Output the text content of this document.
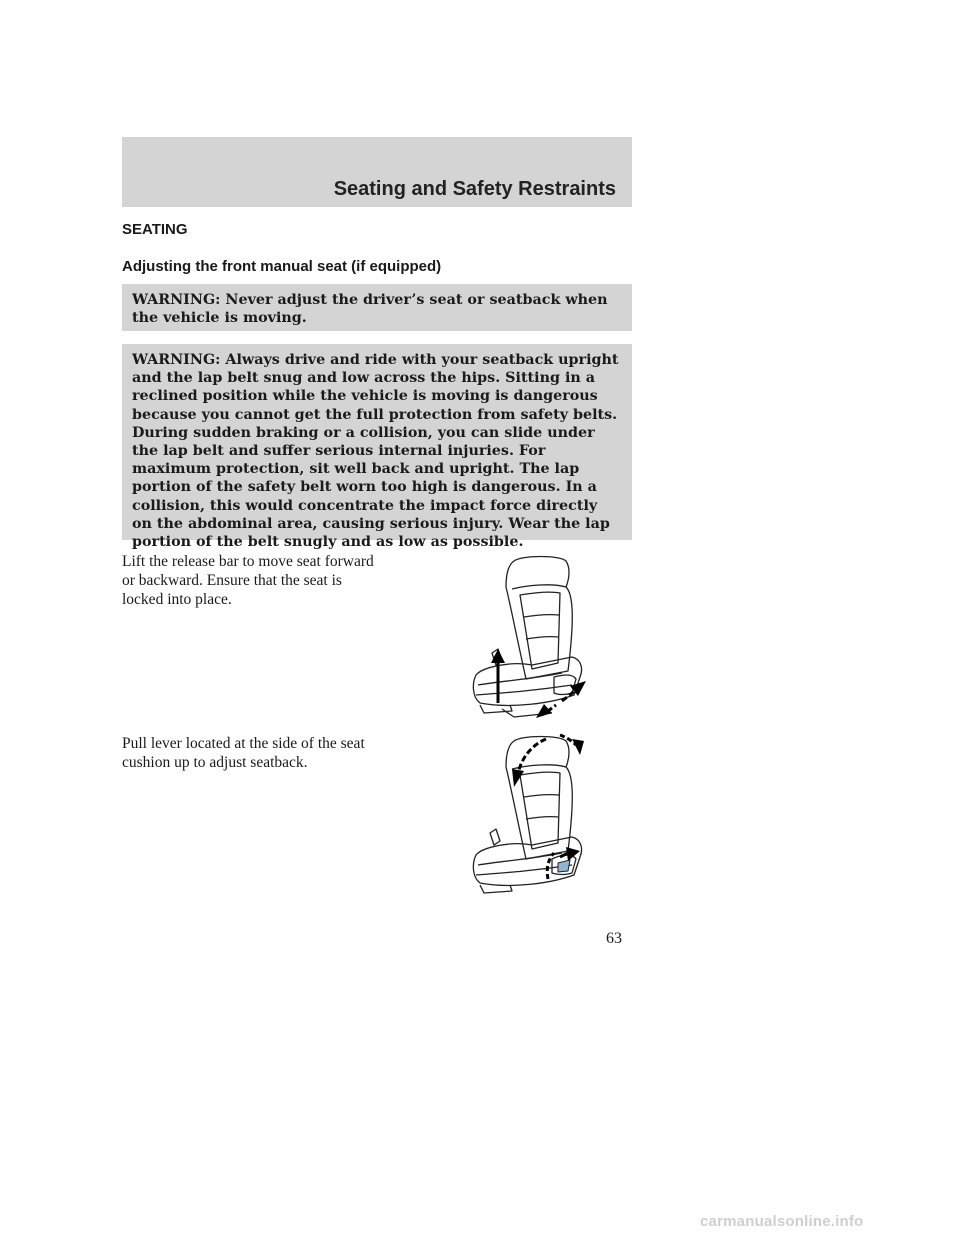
Seating and Safety Restraints
SEATING
Adjusting the front manual seat (if equipped)
WARNING: Never adjust the driver’s seat or seatback when the vehicle is moving.
WARNING: Always drive and ride with your seatback upright and the lap belt snug and low across the hips. Sitting in a reclined position while the vehicle is moving is dangerous because you cannot get the full protection from safety belts. During sudden braking or a collision, you can slide under the lap belt and suffer serious internal injuries. For maximum protection, sit well back and upright. The lap portion of the safety belt worn too high is dangerous. In a collision, this would concentrate the impact force directly on the abdominal area, causing serious injury. Wear the lap portion of the belt snugly and as low as possible.
Lift the release bar to move seat forward or backward. Ensure that the seat is locked into place.
Pull lever located at the side of the seat cushion up to adjust seatback.
63
carmanualsonline.info
